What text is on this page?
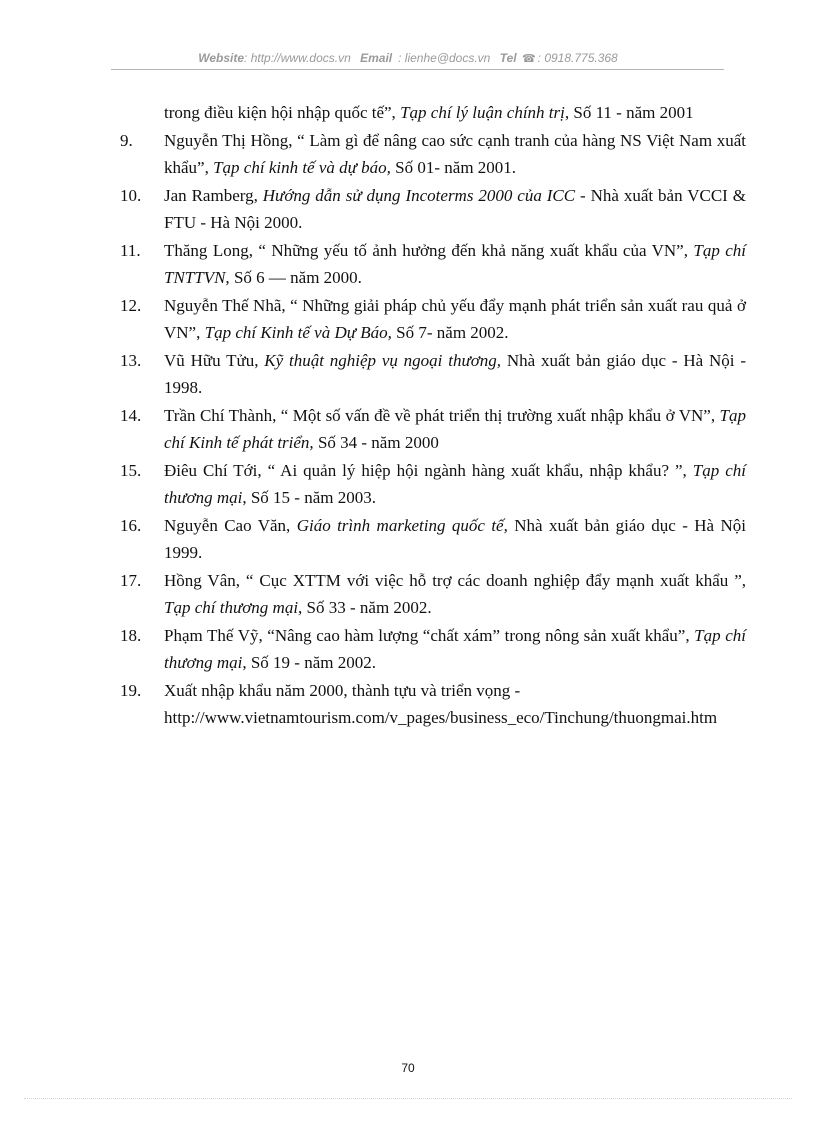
Website: http://www.docs.vn Email : lienhe@docs.vn Tel ☎ : 0918.775.368
trong điều kiện hội nhập quốc tế”, Tạp chí lý luận chính trị, Số 11 - năm 2001
9.	Nguyễn Thị Hồng, “ Làm gì để nâng cao sức cạnh tranh của hàng NS Việt Nam xuất khẩu”, Tạp chí kinh tế và dự báo, Số 01- năm 2001.
10.	Jan Ramberg, Hướng dẫn sử dụng Incoterms 2000 của ICC - Nhà xuất bản VCCI & FTU - Hà Nội 2000.
11.	Thăng Long, “ Những yếu tố ảnh hưởng đến khả năng xuất khẩu của VN”, Tạp chí TNTTVN, Số 6 — năm 2000.
12.	Nguyễn Thế Nhã, “ Những giải pháp chủ yếu đẩy mạnh phát triển sản xuất rau quả ở VN”, Tạp chí Kinh tế và Dự Báo, Số 7- năm 2002.
13.	Vũ Hữu Tửu, Kỹ thuật nghiệp vụ ngoại thương, Nhà xuất bản giáo dục - Hà Nội - 1998.
14.	Trần Chí Thành, “ Một số vấn đề về phát triển thị trường xuất nhập khẩu ở VN”, Tạp chí Kinh tế phát triển, Số 34 - năm 2000
15.	Điêu Chí Tới, “ Ai quản lý hiệp hội ngành hàng xuất khẩu, nhập khẩu? ”, Tạp chí thương mại, Số 15 - năm 2003.
16.	Nguyễn Cao Văn, Giáo trình marketing quốc tế, Nhà xuất bản giáo dục - Hà Nội 1999.
17.	Hồng Vân, “ Cục XTTM với việc hỗ trợ các doanh nghiệp đẩy mạnh xuất khẩu ”, Tạp chí thương mại, Số 33 - năm 2002.
18.	Phạm Thế Vỹ, “Nâng cao hàm lượng “chất xám” trong nông sản xuất khẩu”, Tạp chí thương mại, Số 19 - năm 2002.
19.	Xuất nhập khẩu năm 2000, thành tựu và triển vọng -
http://www.vietnamtourism.com/v_pages/business_eco/Tinchung/thuongmai.htm
70
